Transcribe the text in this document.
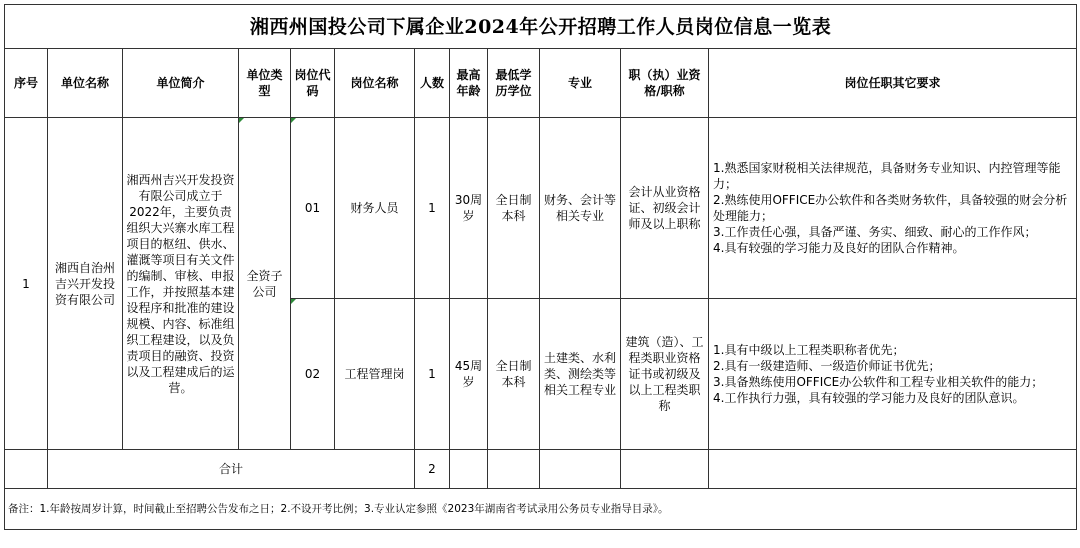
湘西州国投公司下属企业2024年公开招聘工作人员岗位信息一览表											
序号	单位名称	单位简介	单位类型	岗位代码	岗位名称	人数	最高年龄	最低学历学位	专业	职（执）业资格/职称	岗位任职其它要求
1	湘西自治州吉兴开发投资有限公司	湘西州吉兴开发投资有限公司成立于2022年，主要负责组织大兴寨水库工程项目的枢纽、供水、灌溉等项目有关文件的编制、审核、申报工作，并按照基本建设程序和批准的建设规模、内容、标准组织工程建设，以及负责项目的融资、投资以及工程建成后的运营。	全资子公司	01	财务人员	1	30周岁	全日制本科	财务、会计等相关专业	会计从业资格证、初级会计师及以上职称	1.熟悉国家财税相关法律规范，具备财务专业知识、内控管理等能力；
2.熟练使用OFFICE办公软件和各类财务软件，具备较强的财会分析处理能力；
3.工作责任心强，具备严谨、务实、细致、耐心的工作作风；
4.具有较强的学习能力及良好的团队合作精神。

				02	工程管理岗	1	45周岁	全日制本科	土建类、水利类、测绘类等相关工程专业	建筑（造）、工程类职业资格证书或初级及以上工程类职称	1.具有中级以上工程类职称者优先；
2.具有一级建造师、一级造价师证书优先；
3.具备熟练使用OFFICE办公软件和工程专业相关软件的能力；
4.工作执行力强，具有较强的学习能力及良好的团队意识。

	合计					2					
备注：1.年龄按周岁计算，时间截止至招聘公告发布之日；2.不设开考比例；3.专业认定参照《2023年湖南省考试录用公务员专业指导目录》。											
